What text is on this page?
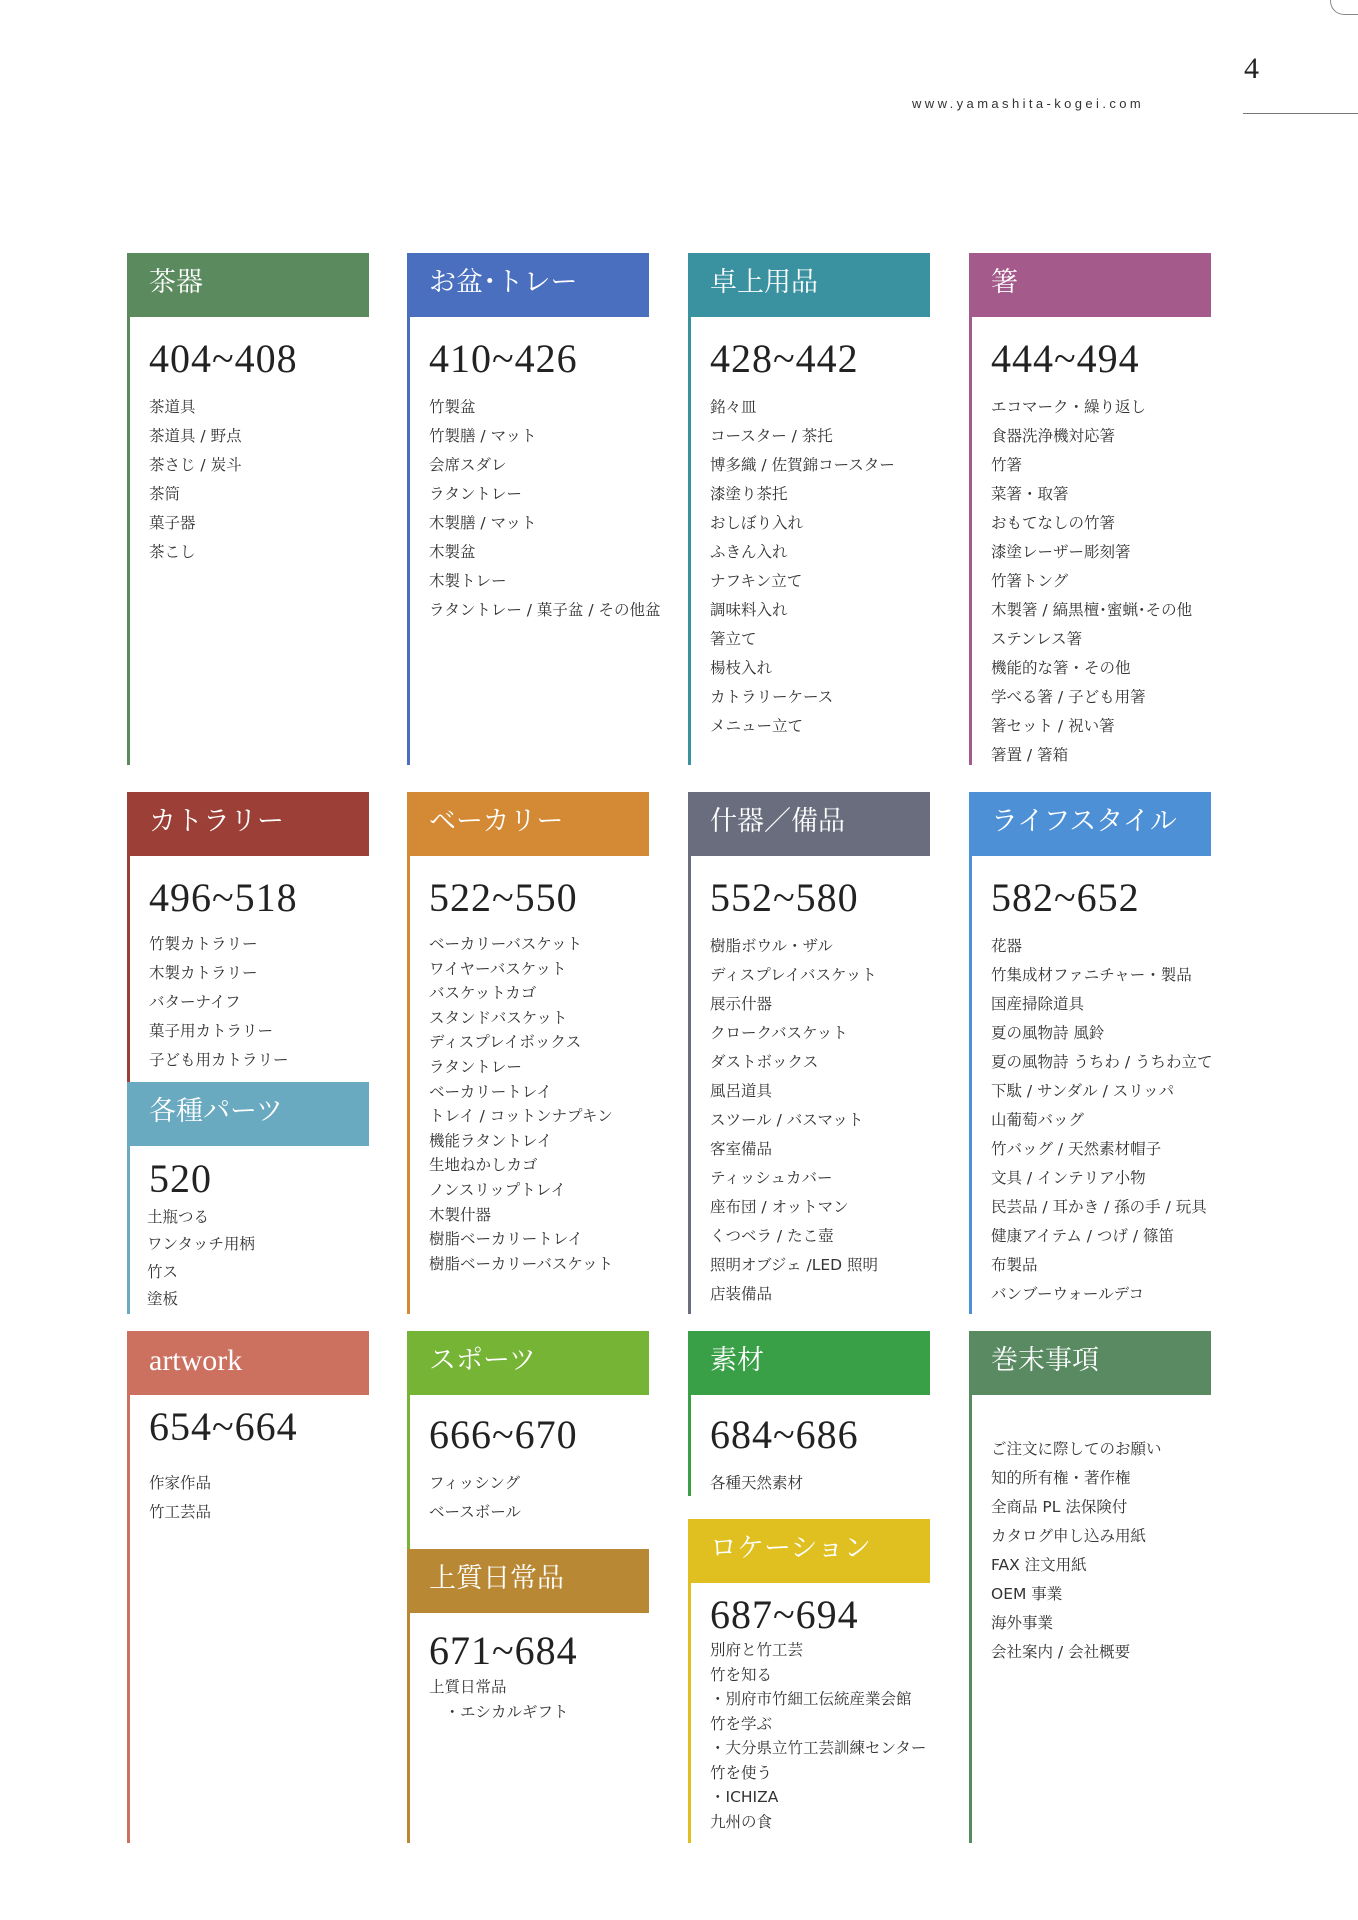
4
www.yamashita-kogei.com
茶器
404~408
茶道具
茶道具 / 野点
茶さじ / 炭斗
茶筒
菓子器
茶こし
お盆･トレー
410~426
竹製盆
竹製膳 / マット
会席スダレ
ラタントレー
木製膳 / マット
木製盆
木製トレー
ラタントレー / 菓子盆 / その他盆
卓上用品
428~442
銘々皿
コースター / 茶托
博多織 / 佐賀錦コースター
漆塗り茶托
おしぼり入れ
ふきん入れ
ナフキン立て
調味料入れ
箸立て
楊枝入れ
カトラリーケース
メニュー立て
箸
444~494
エコマーク・繰り返し
食器洗浄機対応箸
竹箸
菜箸・取箸
おもてなしの竹箸
漆塗レーザー彫刻箸
竹箸トング
木製箸 / 縞黒檀･蜜蝋･その他
ステンレス箸
機能的な箸・その他
学べる箸 / 子ども用箸
箸セット / 祝い箸
箸置 / 箸箱
カトラリー
496~518
竹製カトラリー
木製カトラリー
バターナイフ
菓子用カトラリー
子ども用カトラリー
各種パーツ
520
土瓶つる
ワンタッチ用柄
竹ス
塗板
ベーカリー
522~550
ベーカリーバスケット
ワイヤーバスケット
バスケットカゴ
スタンドバスケット
ディスプレイボックス
ラタントレー
ベーカリートレイ
トレイ / コットンナプキン
機能ラタントレイ
生地ねかしカゴ
ノンスリップトレイ
木製什器
樹脂ベーカリートレイ
樹脂ベーカリーバスケット
什器／備品
552~580
樹脂ボウル・ザル
ディスプレイバスケット
展示什器
クロークバスケット
ダストボックス
風呂道具
スツール / バスマット
客室備品
ティッシュカバー
座布団 / オットマン
くつベラ / たこ壺
照明オブジェ /LED 照明
店装備品
ライフスタイル
582~652
花器
竹集成材ファニチャー・製品
国産掃除道具
夏の風物詩 風鈴
夏の風物詩 うちわ / うちわ立て
下駄 / サンダル / スリッパ
山葡萄バッグ
竹バッグ / 天然素材帽子
文具 / インテリア小物
民芸品 / 耳かき / 孫の手 / 玩具
健康アイテム / つげ / 篠笛
布製品
バンブーウォールデコ
artwork
654~664
作家作品
竹工芸品
スポーツ
666~670
フィッシング
ベースボール
上質日常品
671~684
上質日常品
　・エシカルギフト
素材
684~686
各種天然素材
ロケーション
687~694
別府と竹工芸
竹を知る
・別府市竹細工伝統産業会館
竹を学ぶ
・大分県立竹工芸訓練センター
竹を使う
・ICHIZA
九州の食
巻末事項
ご注文に際してのお願い
知的所有権・著作権
全商品 PL 法保険付
カタログ申し込み用紙
FAX 注文用紙
OEM 事業
海外事業
会社案内 / 会社概要
